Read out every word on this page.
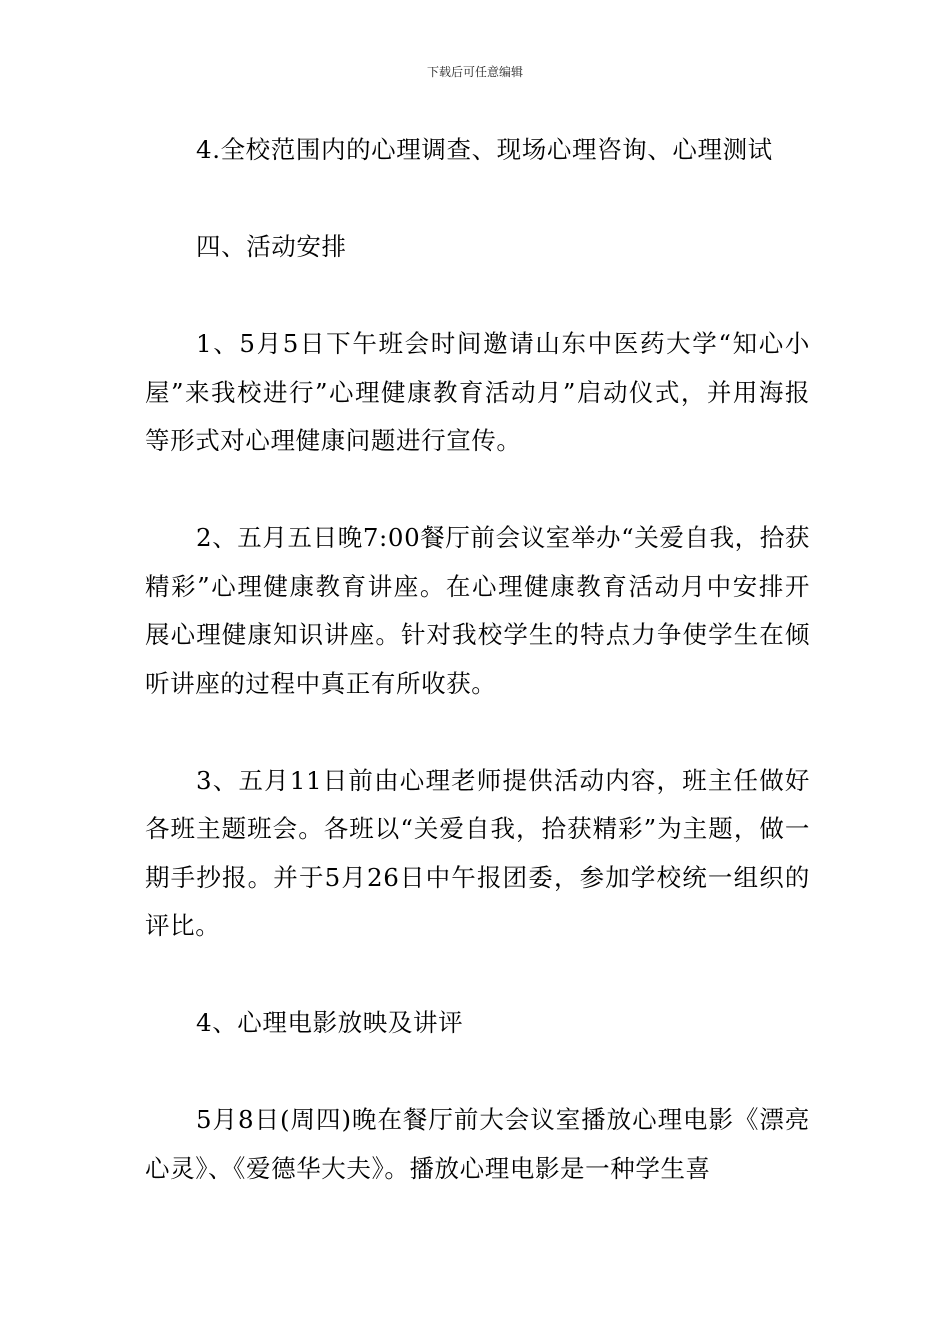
下载后可任意编辑

4.全校范围内的心理调查、现场心理咨询、心理测试

四、活动安排

1、5月5日下午班会时间邀请山东中医药大学“知心小屋”来我校进行”心理健康教育活动月”启动仪式，并用海报等形式对心理健康问题进行宣传。

2、五月五日晚7:00餐厅前会议室举办“关爱自我，拾获精彩”心理健康教育讲座。在心理健康教育活动月中安排开展心理健康知识讲座。针对我校学生的特点力争使学生在倾听讲座的过程中真正有所收获。

3、五月11日前由心理老师提供活动内容，班主任做好各班主题班会。各班以“关爱自我，拾获精彩”为主题，做一期手抄报。并于5月26日中午报团委，参加学校统一组织的评比。

4、心理电影放映及讲评

5月8日(周四)晚在餐厅前大会议室播放心理电影《漂亮心灵》、《爱德华大夫》。播放心理电影是一种学生喜
